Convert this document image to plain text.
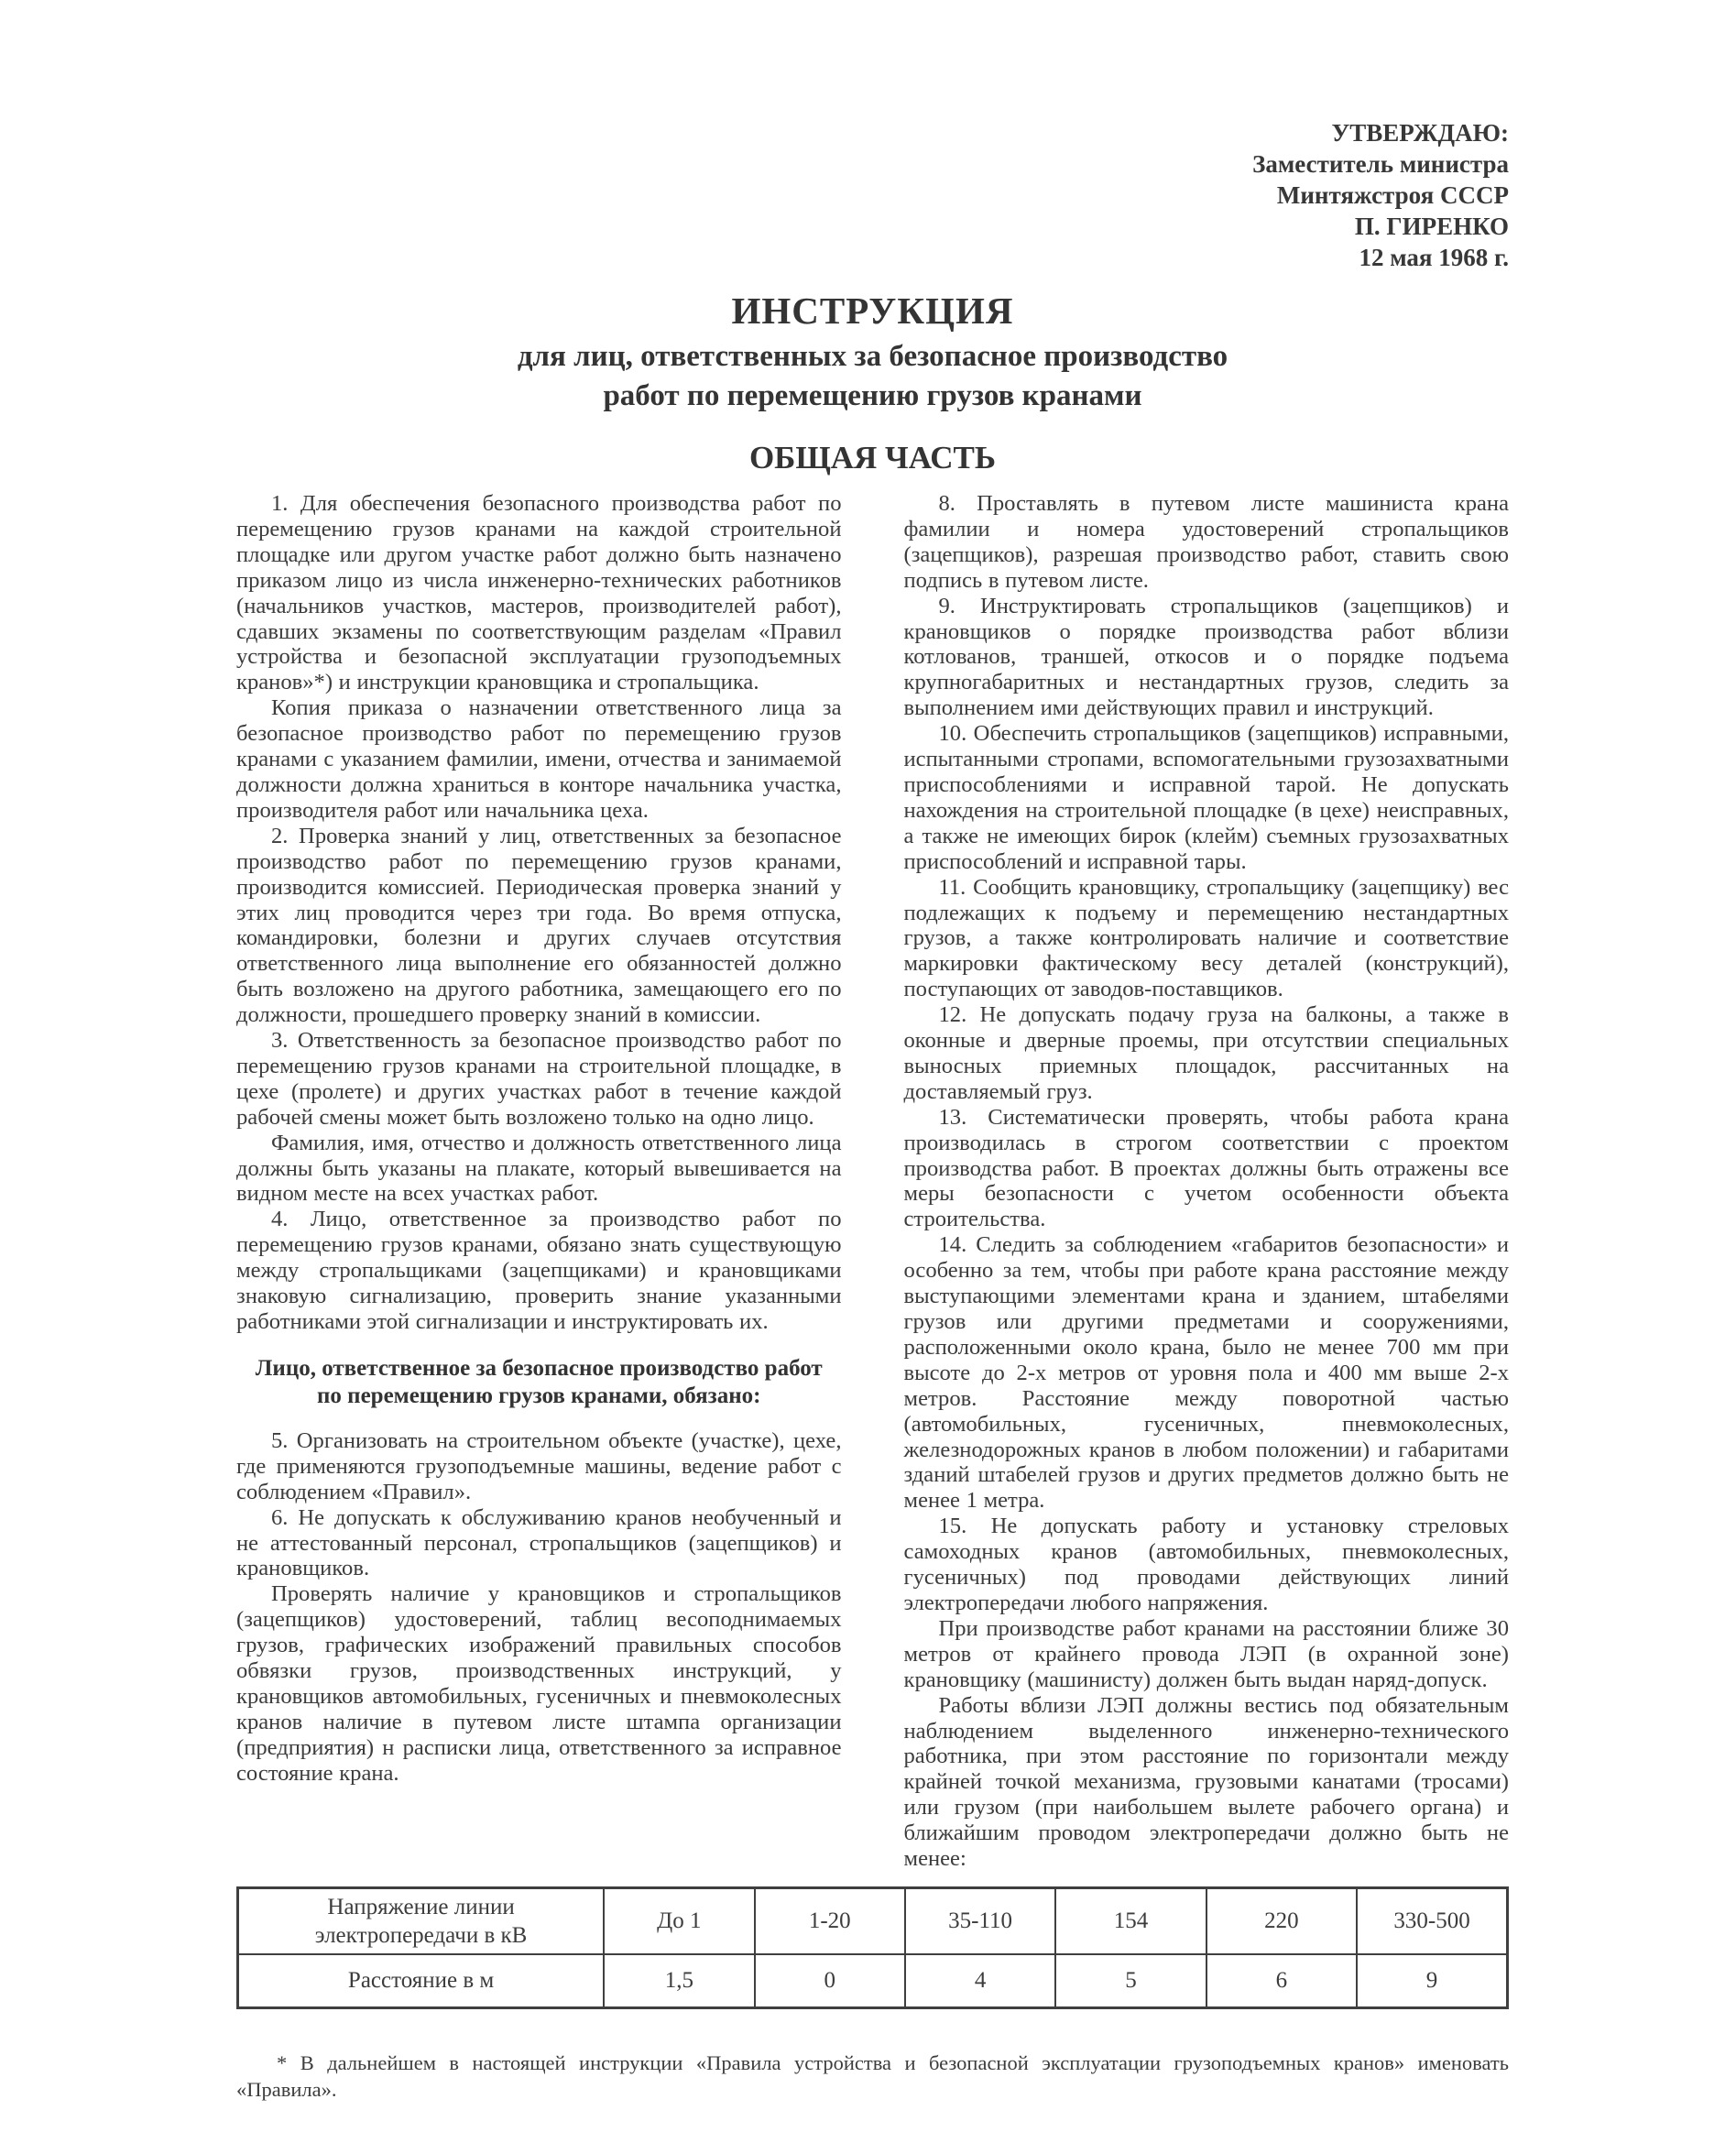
УТВЕРЖДАЮ:
Заместитель министра
Минтяжстроя СССР
П. ГИРЕНКО
12 мая 1968 г.
ИНСТРУКЦИЯ
для лиц, ответственных за безопасное производство
работ по перемещению грузов кранами
ОБЩАЯ ЧАСТЬ

1. Для обеспечения безопасного производства работ по перемещению грузов кранами на каждой строительной площадке или другом участке работ должно быть назначено приказом лицо из числа инженерно-технических работников (начальников участков, мастеров, производителей работ), сдавших экзамены по соответствующим разделам «Правил устройства и безопасной эксплуатации грузоподъемных кранов»*) и инструкции крановщика и стропальщика.

Копия приказа о назначении ответственного лица за безопасное производство работ по перемещению грузов кранами с указанием фамилии, имени, отчества и занимаемой должности должна храниться в конторе начальника участка, производителя работ или начальника цеха.

2. Проверка знаний у лиц, ответственных за безопасное производство работ по перемещению грузов кранами, производится комиссией. Периодическая проверка знаний у этих лиц проводится через три года. Во время отпуска, командировки, болезни и других случаев отсутствия ответственного лица выполнение его обязанностей должно быть возложено на другого работника, замещающего его по должности, прошедшего проверку знаний в комиссии.

3. Ответственность за безопасное производство работ по перемещению грузов кранами на строительной площадке, в цехе (пролете) и других участках работ в течение каждой рабочей смены может быть возложено только на одно лицо.

Фамилия, имя, отчество и должность ответственного лица должны быть указаны на плакате, который вывешивается на видном месте на всех участках работ.

4. Лицо, ответственное за производство работ по перемещению грузов кранами, обязано знать существующую между стропальщиками (зацепщиками) и крановщиками знаковую сигнализацию, проверить знание указанными работниками этой сигнализации и инструктировать их.

Лицо, ответственное за безопасное производство работ по перемещению грузов кранами, обязано:

5. Организовать на строительном объекте (участке), цехе, где применяются грузоподъемные машины, ведение работ с соблюдением «Правил».

6. Не допускать к обслуживанию кранов необученный и не аттестованный персонал, стропальщиков (зацепщиков) и крановщиков.

Проверять наличие у крановщиков и стропальщиков (зацепщиков) удостоверений, таблиц весоподнимаемых грузов, графических изображений правильных способов обвязки грузов, производственных инструкций, у крановщиков автомобильных, гусеничных и пневмоколесных кранов наличие в путевом листе штампа организации (предприятия) н расписки лица, ответственного за исправное состояние крана.

8. Проставлять в путевом листе машиниста крана фамилии и номера удостоверений стропальщиков (зацепщиков), разрешая производство работ, ставить свою подпись в путевом листе.

9. Инструктировать стропальщиков (зацепщиков) и крановщиков о порядке производства работ вблизи котлованов, траншей, откосов и о порядке подъема крупногабаритных и нестандартных грузов, следить за выполнением ими действующих правил и инструкций.

10. Обеспечить стропальщиков (зацепщиков) исправными, испытанными стропами, вспомогательными грузозахватными приспособлениями и исправной тарой. Не допускать нахождения на строительной площадке (в цехе) неисправных, а также не имеющих бирок (клейм) съемных грузозахватных приспособлений и исправной тары.

11. Сообщить крановщику, стропальщику (зацепщику) вес подлежащих к подъему и перемещению нестандартных грузов, а также контролировать наличие и соответствие маркировки фактическому весу деталей (конструкций), поступающих от заводов-поставщиков.

12. Не допускать подачу груза на балконы, а также в оконные и дверные проемы, при отсутствии специальных выносных приемных площадок, рассчитанных на доставляемый груз.

13. Систематически проверять, чтобы работа крана производилась в строгом соответствии с проектом производства работ. В проектах должны быть отражены все меры безопасности с учетом особенности объекта строительства.

14. Следить за соблюдением «габаритов безопасности» и особенно за тем, чтобы при работе крана расстояние между выступающими элементами крана и зданием, штабелями грузов или другими предметами и сооружениями, расположенными около крана, было не менее 700 мм при высоте до 2-х метров от уровня пола и 400 мм выше 2-х метров. Расстояние между поворотной частью (автомобильных, гусеничных, пневмоколесных, железнодорожных кранов в любом положении) и габаритами зданий штабелей грузов и других предметов должно быть не менее 1 метра.

15. Не допускать работу и установку стреловых самоходных кранов (автомобильных, пневмоколесных, гусеничных) под проводами действующих линий электропередачи любого напряжения.

При производстве работ кранами на расстоянии ближе 30 метров от крайнего провода ЛЭП (в охранной зоне) крановщику (машинисту) должен быть выдан наряд-допуск.

Работы вблизи ЛЭП должны вестись под обязательным наблюдением выделенного инженерно-технического работника, при этом расстояние по горизонтали между крайней точкой механизма, грузовыми канатами (тросами) или грузом (при наибольшем вылете рабочего органа) и ближайшим проводом электропередачи должно быть не менее:

Напряжение линии электропередачи в кВ	До 1	1-20	35-110	154	220	330-500
Расстояние в м	1,5	0	4	5	6	9
* В дальнейшем в настоящей инструкции «Правила устройства и безопасной эксплуатации грузоподъемных кранов» именовать «Правила».
